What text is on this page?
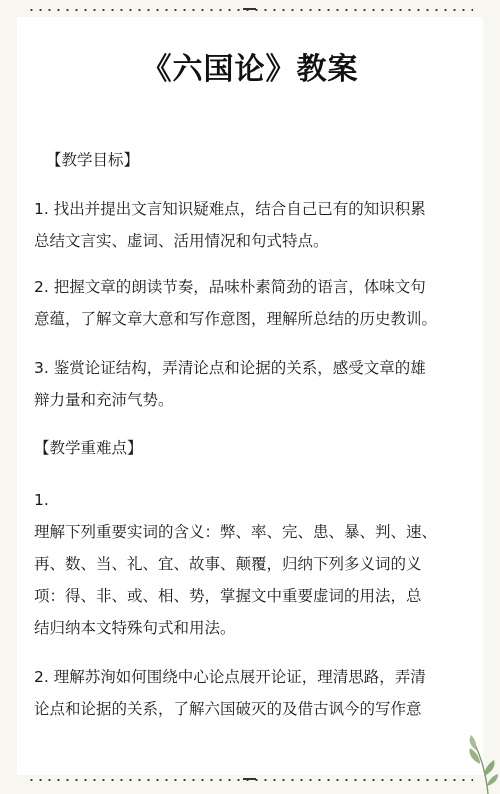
《六国论》教案
【教学目标】
1. 找出并提出文言知识疑难点，结合自己已有的知识积累
总结文言实、虚词、活用情况和句式特点。
2. 把握文章的朗读节奏，品味朴素简劲的语言，体味文句
意蕴，了解文章大意和写作意图，理解所总结的历史教训。
3. 鉴赏论证结构，弄清论点和论据的关系，感受文章的雄
辩力量和充沛气势。
【教学重难点】
1.
理解下列重要实词的含义：弊、率、完、患、暴、判、速、
再、数、当、礼、宜、故事、颠覆，归纳下列多义词的义
项：得、非、或、相、势，掌握文中重要虚词的用法，总
结归纳本文特殊句式和用法。
2. 理解苏洵如何围绕中心论点展开论证，理清思路，弄清
论点和论据的关系，了解六国破灭的及借古讽今的写作意
